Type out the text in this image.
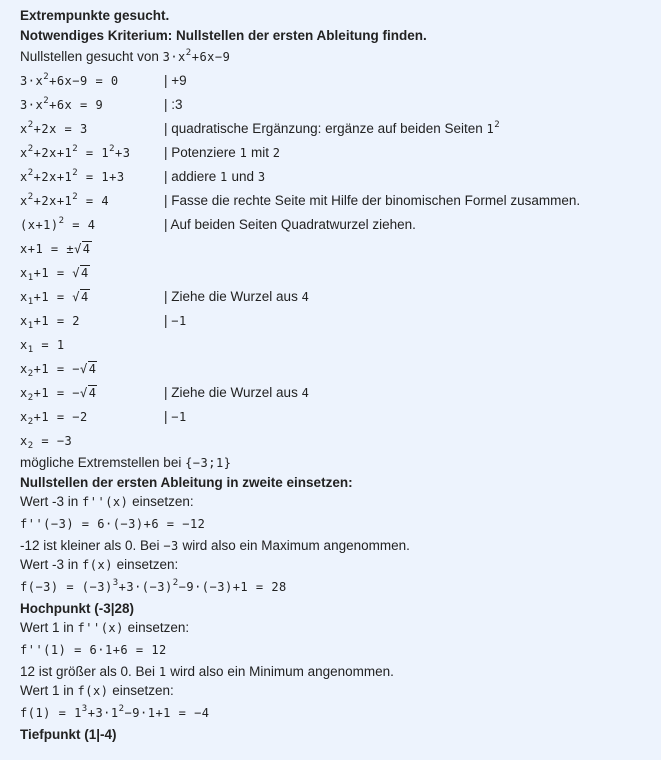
Extrempunkte gesucht.
Notwendiges Kriterium: Nullstellen der ersten Ableitung finden.
Nullstellen gesucht von $3\cdot x^2+6x-9$
$3\cdot x^2+6x-9 = 0$	| +9
$3\cdot x^2+6x = 9$	| :3
$x^2+2x = 3$	| quadratische Ergänzung: ergänze auf beiden Seiten $1^2$
$x^2+2x+1^2 = 1^2+3$ | Potenziere 1 mit 2
$x^2+2x+1^2 = 1+3$	| addiere 1 und 3
$x^2+2x+1^2 = 4$	| Fasse die rechte Seite mit Hilfe der binomischen Formel zusammen.
$(x+1)^2 = 4$	| Auf beiden Seiten Quadratwurzel ziehen.
x+1 = ±√4
$x_1+1 = √4$
$x_1+1 = √4$	| Ziehe die Wurzel aus 4
$x_1+1 = 2$	| −1
$x_1 = 1$
$x_2+1 = -√4$
$x_2+1 = -√4$	| Ziehe die Wurzel aus 4
$x_2+1 = -2$	| −1
$x_2 = -3$
mögliche Extremstellen bei {−3;1}
Nullstellen der ersten Ableitung in zweite einsetzen:
Wert -3 in f''(x) einsetzen:
f''(−3) = 6·(−3)+6 = −12
-12 ist kleiner als 0. Bei −3 wird also ein Maximum angenommen.
Wert -3 in f(x) einsetzen:
$f(-3) = (-3)^3+3\cdot(-3)^2-9\cdot(-3)+1 = 28$
Hochpunkt (-3|28)
Wert 1 in f''(x) einsetzen:
f''(1) = 6·1+6 = 12
12 ist größer als 0. Bei 1 wird also ein Minimum angenommen.
Wert 1 in f(x) einsetzen:
$f(1) = 1^3+3\cdot 1^2-9\cdot 1+1 = -4$
Tiefpunkt (1|-4)
